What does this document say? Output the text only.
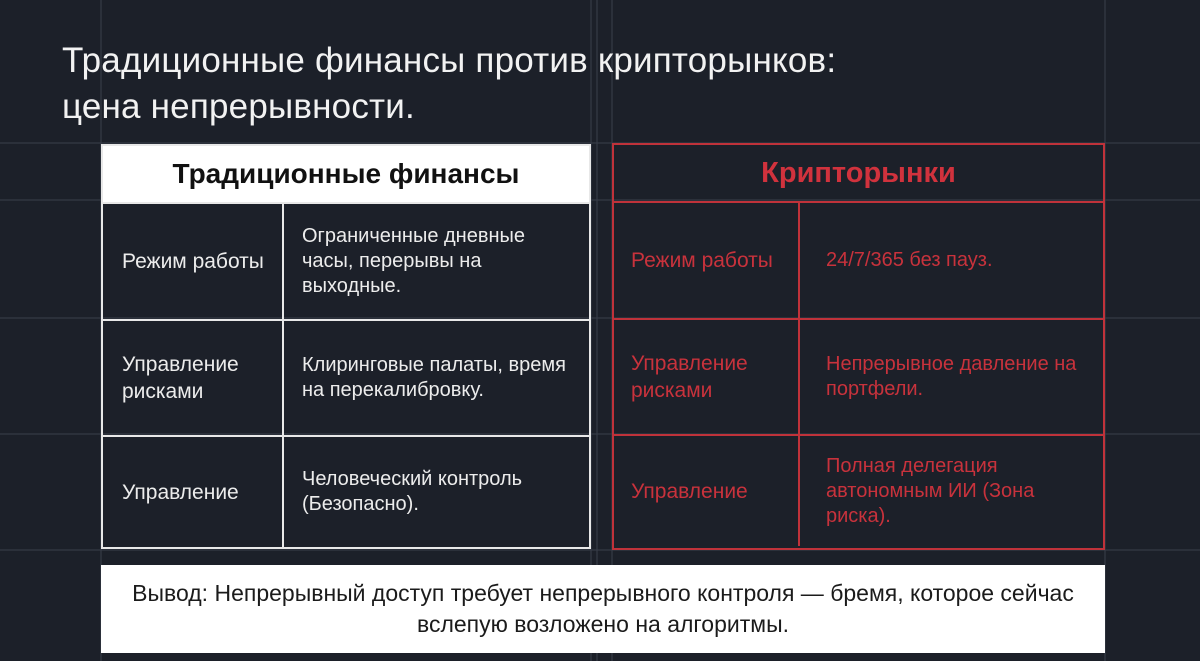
Традиционные финансы против крипторынков:
цена непрерывности.
Традиционные финансы
Режим работы
Ограниченные дневные часы, перерывы на выходные.
Управление рисками
Клиринговые палаты, время на перекалибровку.
Управление
Человеческий контроль (Безопасно).
Крипторынки
Режим работы	24/7/365 без пауз.
Управление рисками
Непрерывное давление на портфели.
Управление
Полная делегация автономным ИИ (Зона риска).
Вывод: Непрерывный доступ требует непрерывного контроля — бремя, которое сейчас вслепую возложено на алгоритмы.
